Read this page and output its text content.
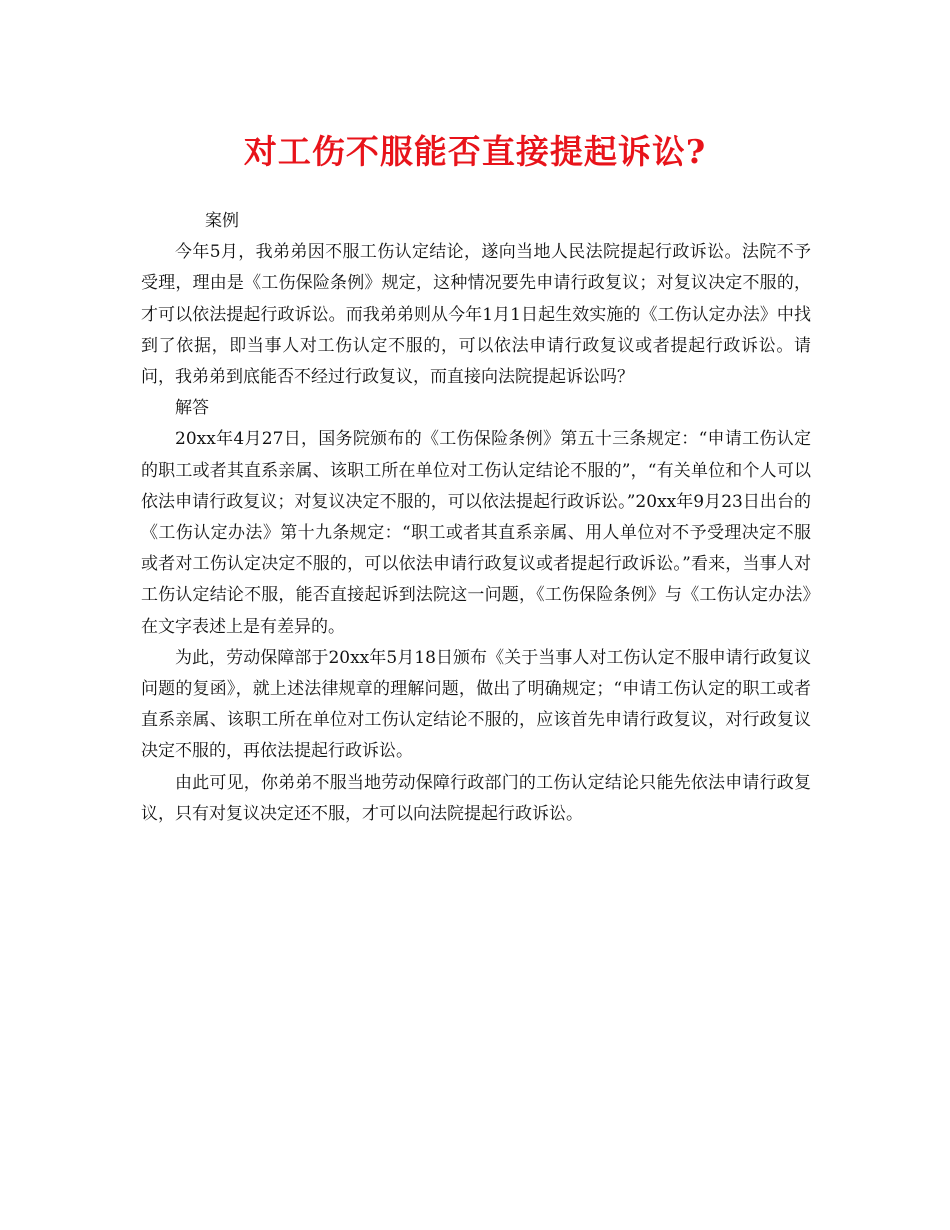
对工伤不服能否直接提起诉讼?

案例

今年5月，我弟弟因不服工伤认定结论，遂向当地人民法院提起行政诉讼。法院不予受理，理由是《工伤保险条例》规定，这种情况要先申请行政复议；对复议决定不服的，才可以依法提起行政诉讼。而我弟弟则从今年1月1日起生效实施的《工伤认定办法》中找到了依据，即当事人对工伤认定不服的，可以依法申请行政复议或者提起行政诉讼。请问，我弟弟到底能否不经过行政复议，而直接向法院提起诉讼吗？

解答

20xx年4月27日，国务院颁布的《工伤保险条例》第五十三条规定：“申请工伤认定的职工或者其直系亲属、该职工所在单位对工伤认定结论不服的”，“有关单位和个人可以依法申请行政复议；对复议决定不服的，可以依法提起行政诉讼。”20xx年9月23日出台的《工伤认定办法》第十九条规定：“职工或者其直系亲属、用人单位对不予受理决定不服或者对工伤认定决定不服的，可以依法申请行政复议或者提起行政诉讼。”看来，当事人对工伤认定结论不服，能否直接起诉到法院这一问题，《工伤保险条例》与《工伤认定办法》在文字表述上是有差异的。

为此，劳动保障部于20xx年5月18日颁布《关于当事人对工伤认定不服申请行政复议问题的复函》，就上述法律规章的理解问题，做出了明确规定；“申请工伤认定的职工或者直系亲属、该职工所在单位对工伤认定结论不服的，应该首先申请行政复议，对行政复议决定不服的，再依法提起行政诉讼。

由此可见，你弟弟不服当地劳动保障行政部门的工伤认定结论只能先依法申请行政复议，只有对复议决定还不服，才可以向法院提起行政诉讼。
